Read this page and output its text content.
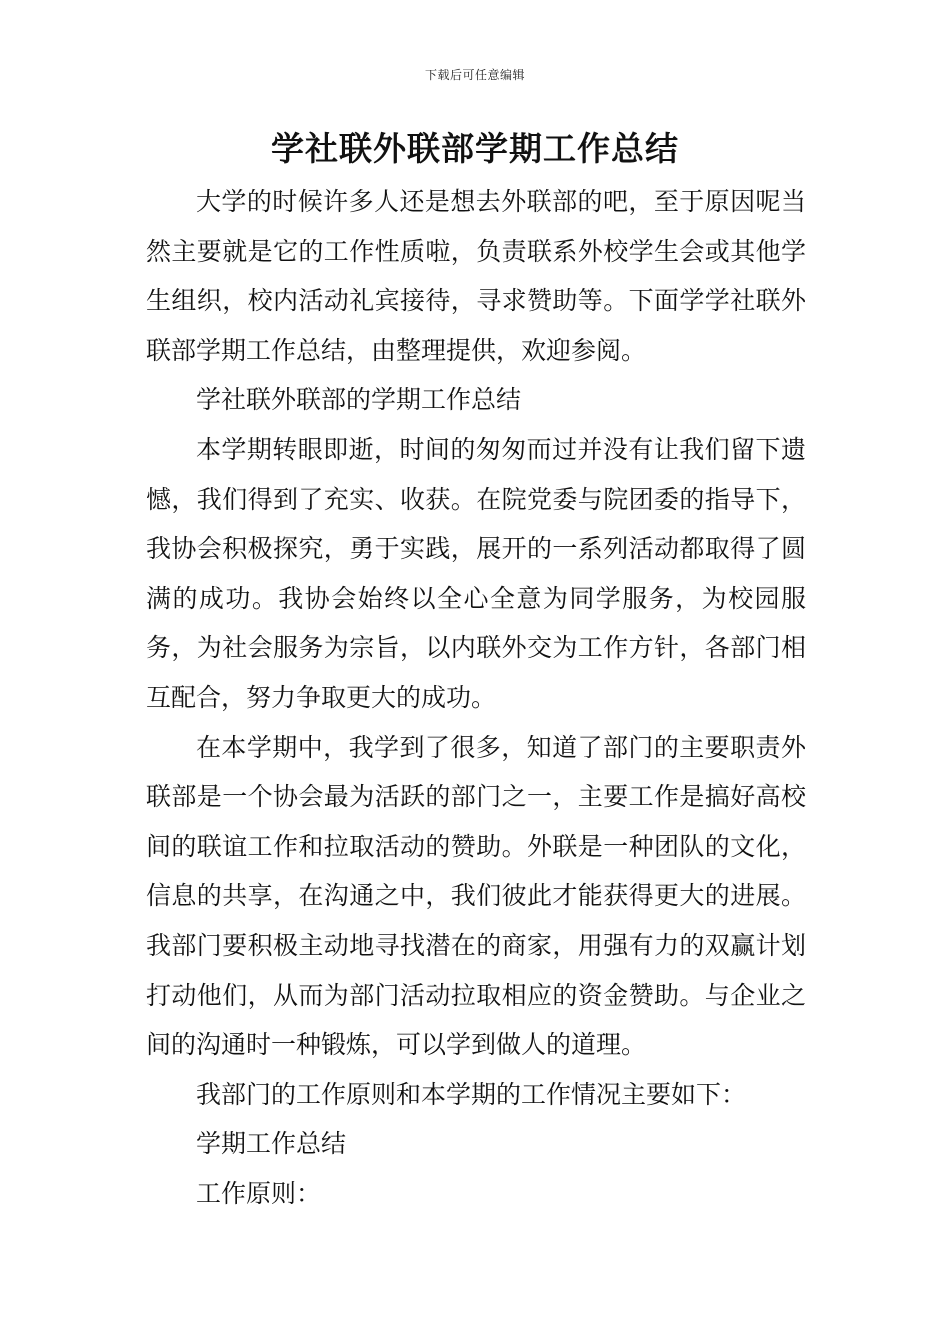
下载后可任意编辑
学社联外联部学期工作总结

大学的时候许多人还是想去外联部的吧，至于原因呢当然主要就是它的工作性质啦，负责联系外校学生会或其他学生组织，校内活动礼宾接待，寻求赞助等。下面学学社联外联部学期工作总结，由整理提供，欢迎参阅。

学社联外联部的学期工作总结

本学期转眼即逝，时间的匆匆而过并没有让我们留下遗憾，我们得到了充实、收获。在院党委与院团委的指导下，我协会积极探究，勇于实践，展开的一系列活动都取得了圆满的成功。我协会始终以全心全意为同学服务，为校园服务，为社会服务为宗旨，以内联外交为工作方针，各部门相互配合，努力争取更大的成功。

在本学期中，我学到了很多，知道了部门的主要职责外联部是一个协会最为活跃的部门之一，主要工作是搞好高校间的联谊工作和拉取活动的赞助。外联是一种团队的文化，信息的共享，在沟通之中，我们彼此才能获得更大的进展。我部门要积极主动地寻找潜在的商家，用强有力的双赢计划打动他们，从而为部门活动拉取相应的资金赞助。与企业之间的沟通时一种锻炼，可以学到做人的道理。

我部门的工作原则和本学期的工作情况主要如下：

学期工作总结

工作原则：
